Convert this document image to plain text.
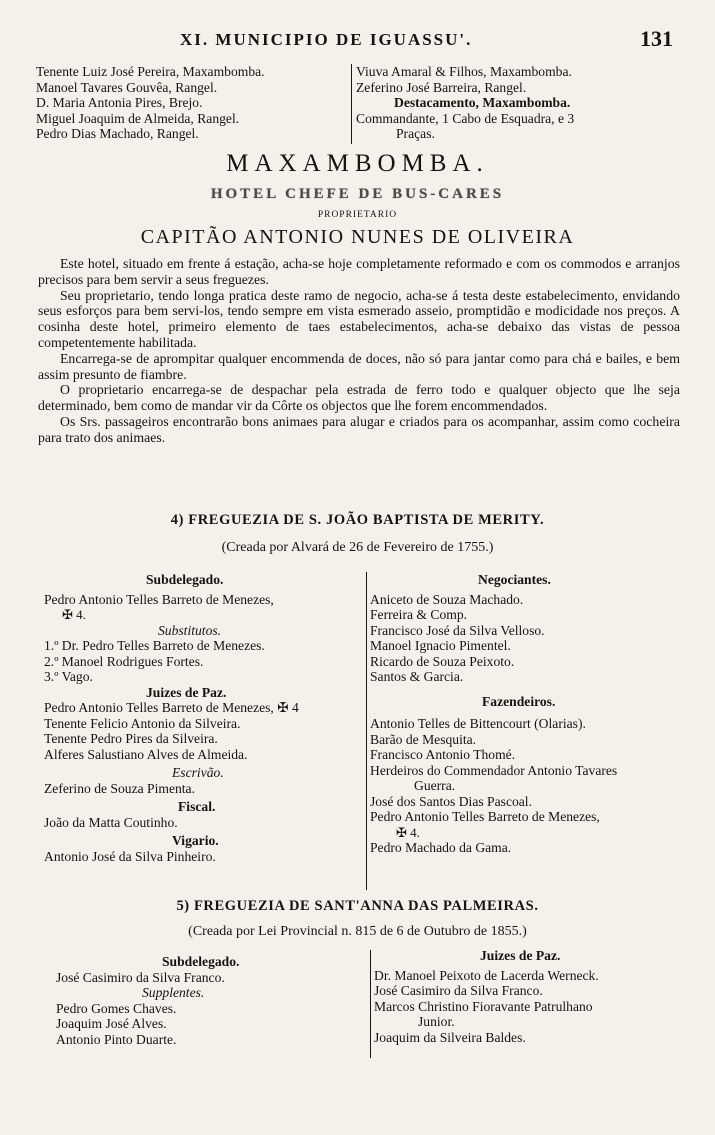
XI. MUNICIPIO DE IGUASSU'.	131
Tenente Luiz José Pereira, Maxambomba.
Manoel Tavares Gouvêa, Rangel.
D. Maria Antonia Pires, Brejo.
Miguel Joaquim de Almeida, Rangel.
Pedro Dias Machado, Rangel.
Viuva Amaral & Filhos, Maxambomba.
Zeferino José Barreira, Rangel.
Destacamento, Maxambomba.
Commandante, 1 Cabo de Esquadra, e 3
Praças.
MAXAMBOMBA.
HOTEL CHEFE DE BUS-CARES
PROPRIETARIO
CAPITÃO ANTONIO NUNES DE OLIVEIRA

Este hotel, situado em frente á estação, acha-se hoje completamente reformado e com os commodos e arranjos precisos para bem servir a seus freguezes.

Seu proprietario, tendo longa pratica deste ramo de negocio, acha-se á testa deste estabelecimento, envidando seus esforços para bem servi-los, tendo sempre em vista esmerado asseio, promptidão e modicidade nos preços. A cosinha deste hotel, primeiro elemento de taes estabelecimentos, acha-se debaixo das vistas de pessoa competentemente habilitada.

Encarrega-se de aprompitar qualquer encommenda de doces, não só para jantar como para chá e bailes, e bem assim presunto de fiambre.

O proprietario encarrega-se de despachar pela estrada de ferro todo e qualquer objecto que lhe seja determinado, bem como de mandar vir da Côrte os objectos que lhe forem encommendados.

Os Srs. passageiros encontrarão bons animaes para alugar e criados para os acompanhar, assim como cocheira para trato dos animaes.

4) FREGUEZIA DE S. JOÃO BAPTISTA DE MERITY.
(Creada por Alvará de 26 de Fevereiro de 1755.)
Subdelegado.
Pedro Antonio Telles Barreto de Menezes,
✠ 4.
Substitutos.
1.º Dr. Pedro Telles Barreto de Menezes.
2.º Manoel Rodrigues Fortes.
3.º Vago.
Juizes de Paz.
Pedro Antonio Telles Barreto de Menezes, ✠ 4
Tenente Felicio Antonio da Silveira.
Tenente Pedro Pires da Silveira.
Alferes Salustiano Alves de Almeida.
Escrivão.
Zeferino de Souza Pimenta.
Fiscal.
João da Matta Coutinho.
Vigario.
Antonio José da Silva Pinheiro.
Negociantes.
Aniceto de Souza Machado.
Ferreira & Comp.
Francisco José da Silva Velloso.
Manoel Ignacio Pimentel.
Ricardo de Souza Peixoto.
Santos & Garcia.
Fazendeiros.
Antonio Telles de Bittencourt (Olarias).
Barão de Mesquita.
Francisco Antonio Thomé.
Herdeiros do Commendador Antonio Tavares
Guerra.
José dos Santos Dias Pascoal.
Pedro Antonio Telles Barreto de Menezes,
✠ 4.
Pedro Machado da Gama.
5) FREGUEZIA DE SANT'ANNA DAS PALMEIRAS.
(Creada por Lei Provincial n. 815 de 6 de Outubro de 1855.)
Subdelegado.
José Casimiro da Silva Franco.
Supplentes.
Pedro Gomes Chaves.
Joaquim José Alves.
Antonio Pinto Duarte.
Juizes de Paz.
Dr. Manoel Peixoto de Lacerda Werneck.
José Casimiro da Silva Franco.
Marcos Christino Fioravante Patrulhano
Junior.
Joaquim da Silveira Baldes.
